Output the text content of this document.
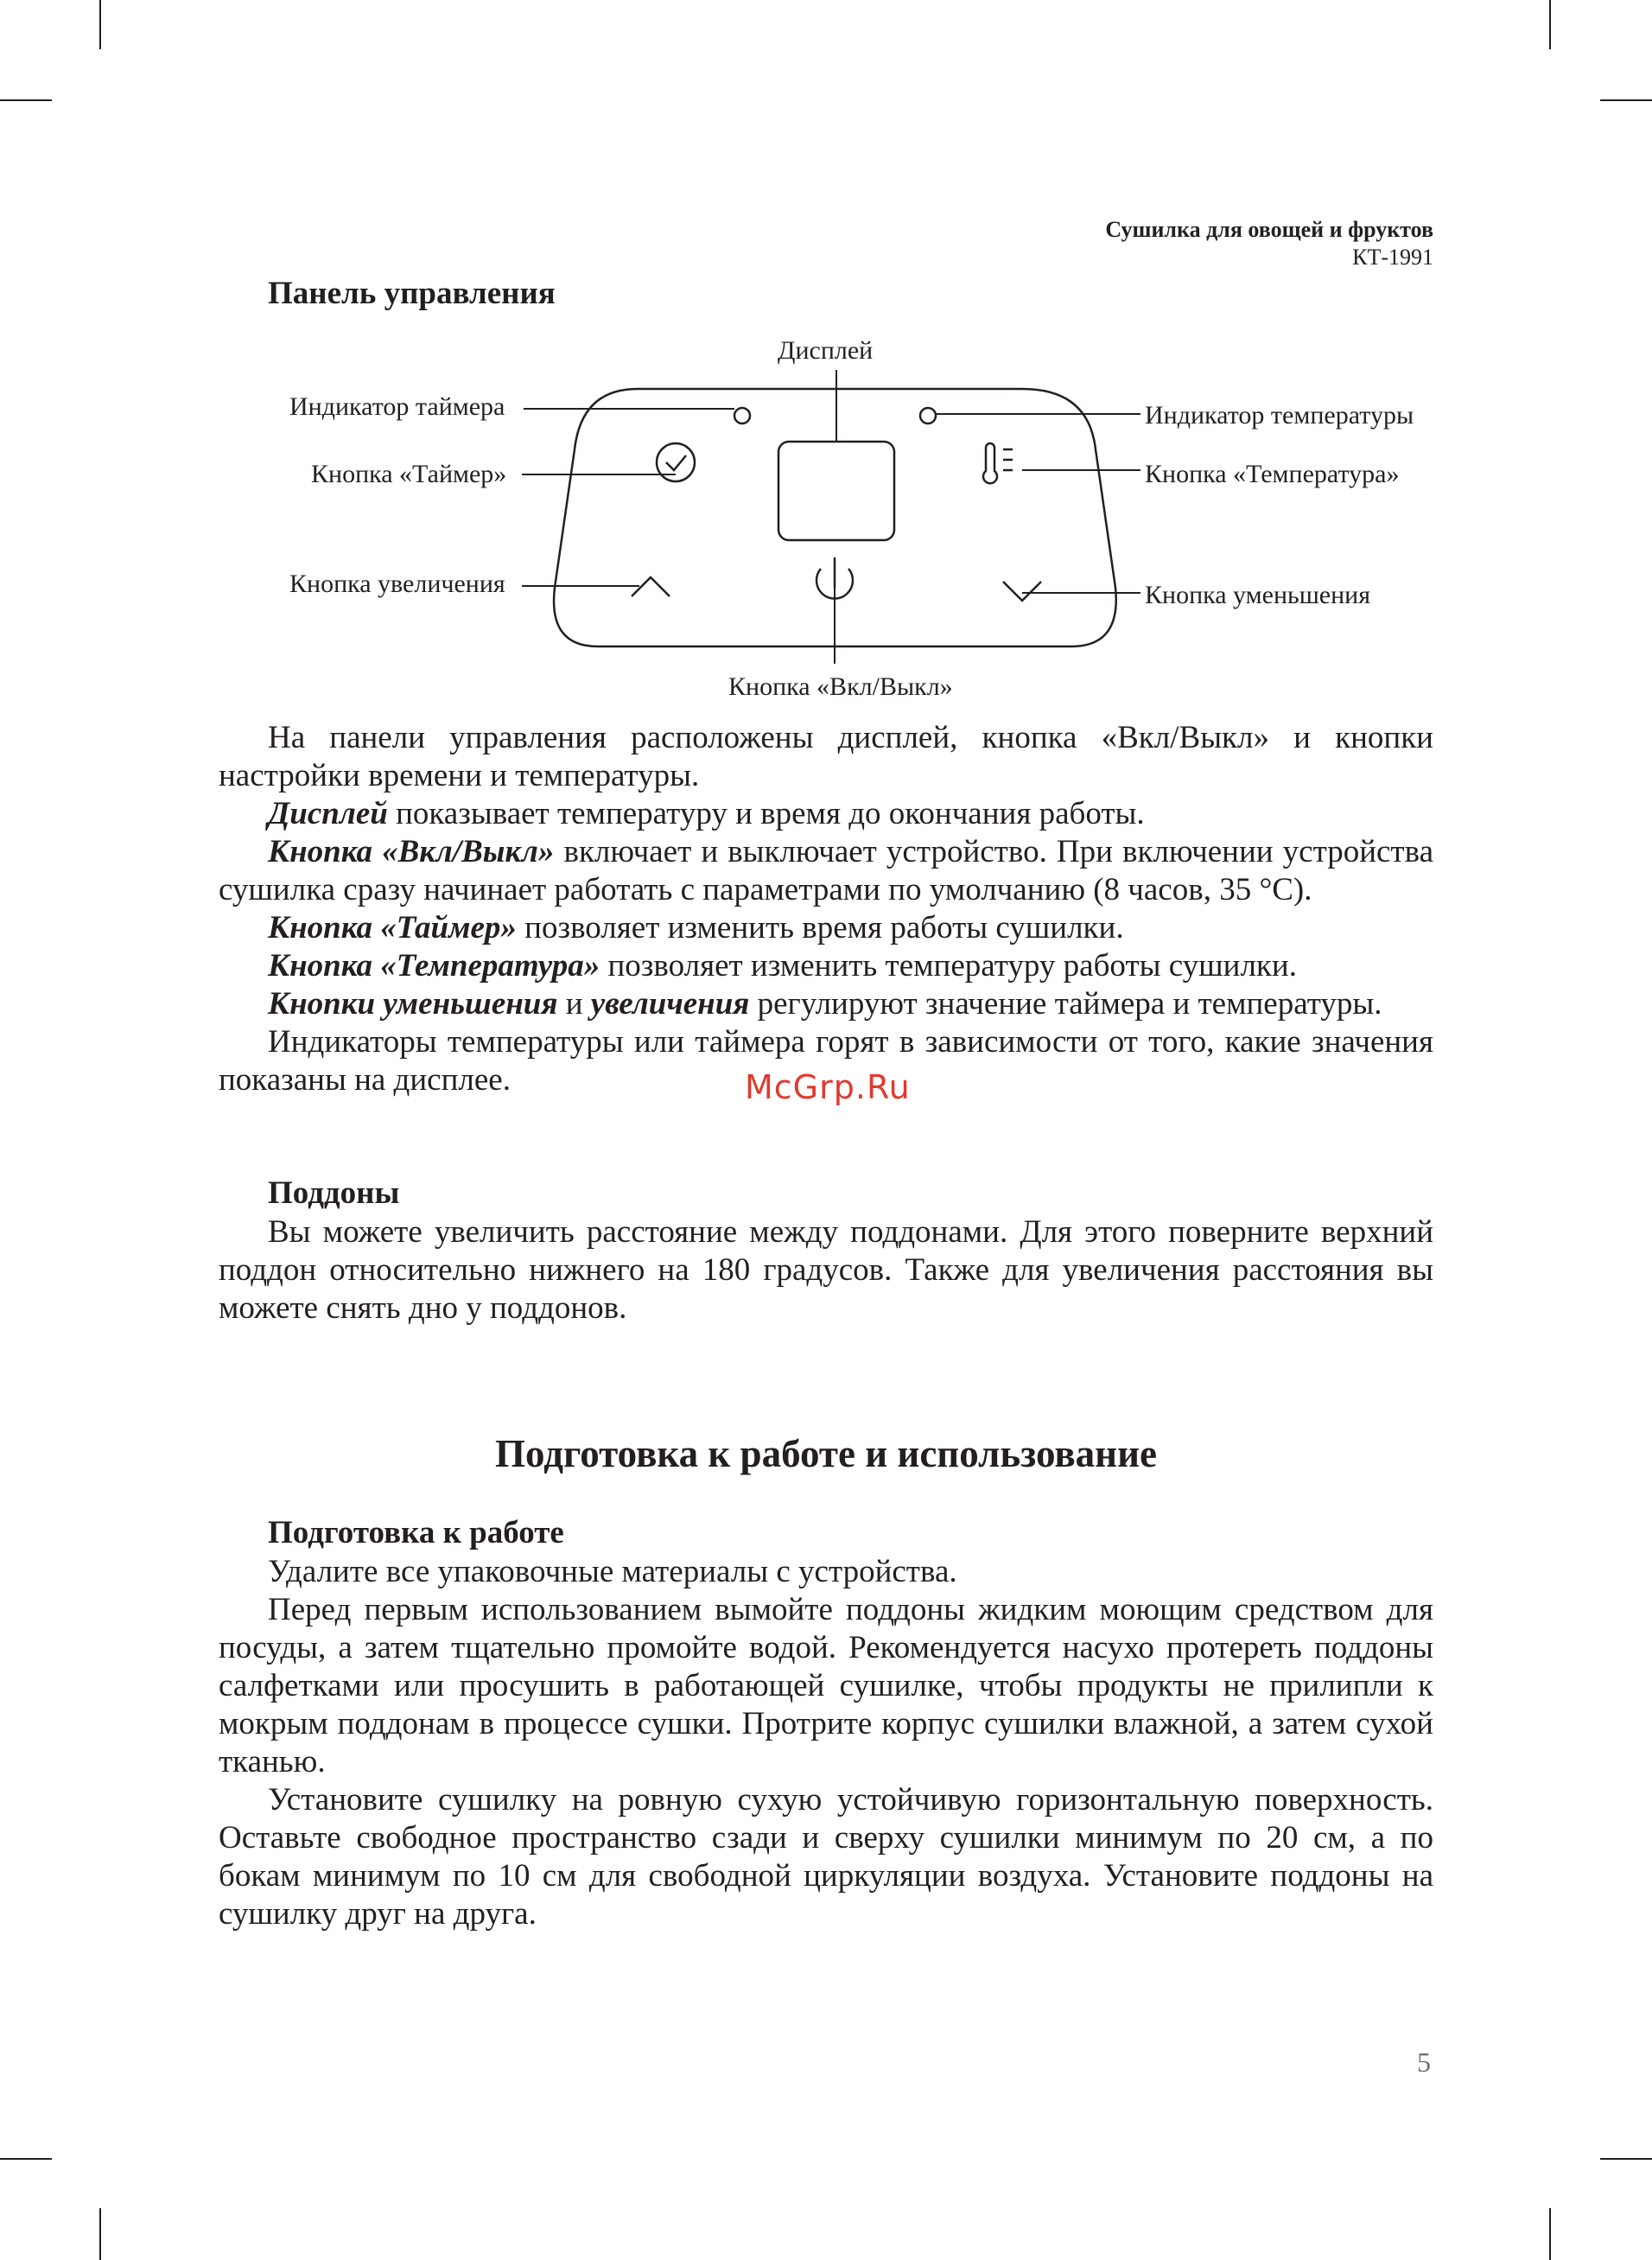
Сушилка для овощей и фруктов
КТ-1991
Панель управления
Дисплей
Индикатор таймера	Индикатор температуры
Кнопка «Таймер»	Кнопка «Температура»
Кнопка увеличения	Кнопка уменьшения
Кнопка «Вкл/Выкл»

На панели управления расположены дисплей, кнопка «Вкл/Выкл» и кнопки настройки времени и температуры.

Дисплей показывает температуру и время до окончания работы.

Кнопка «Вкл/Выкл» включает и выключает устройство. При включении устройства сушилка сразу начинает работать с параметрами по умолчанию (8 часов, 35 °С).

Кнопка «Таймер» позволяет изменить время работы сушилки.

Кнопка «Температура» позволяет изменить температуру работы сушилки.

Кнопки уменьшения и увеличения регулируют значение таймера и температуры.

Индикаторы температуры или таймера горят в зависимости от того, какие значения показаны на дисплее.	McGrp.Ru
Поддоны

Вы можете увеличить расстояние между поддонами. Для этого поверните верхний поддон относительно нижнего на 180 градусов. Также для увеличения расстояния вы можете снять дно у поддонов.

Подготовка к работе и использование
Подготовка к работе

Удалите все упаковочные материалы с устройства.

Перед первым использованием вымойте поддоны жидким моющим средством для посуды, а затем тщательно промойте водой. Рекомендуется насухо протереть поддоны салфетками или просушить в работающей сушилке, чтобы продукты не прилипли к мокрым поддонам в процессе сушки. Протрите корпус сушилки влажной, а затем сухой тканью.

Установите сушилку на ровную сухую устойчивую горизонтальную поверхность. Оставьте свободное пространство сзади и сверху сушилки минимум по 20 см, а по бокам минимум по 10 см для свободной циркуляции воздуха. Установите поддоны на сушилку друг на друга.

5
